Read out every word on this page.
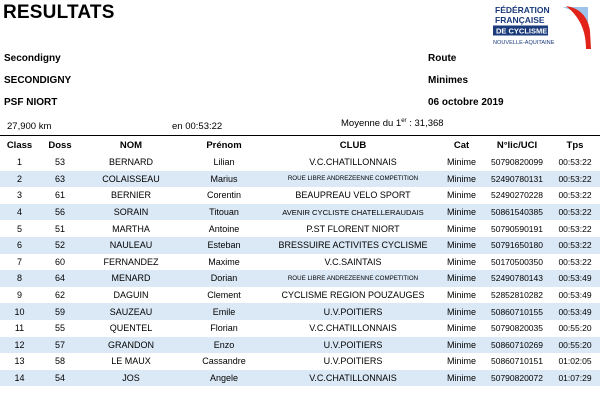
RESULTATS	FÉDÉRATION
FRANÇAISE
DE CYCLISME
NOUVELLE-AQUITAINE
Secondigny
SECONDIGNY
PSF NIORT
Route
Minimes
06 octobre 2019
27,900 km	en 00:53:22	Moyenne du 1er : 31,368
Class	Doss	NOM	Prénom	CLUB	Cat	N°lic/UCI	Tps
1	53	BERNARD	Lilian	V.C.CHATILLONNAIS	Minime	50790820099	00:53:22
2	63	COLAISSEAU	Marius	ROUE LIBRE ANDREZEENNE COMPETITION	Minime	52490780131	00:53:22
3	61	BERNIER	Corentin	BEAUPREAU VELO SPORT	Minime	52490270228	00:53:22
4	56	SORAIN	Titouan	AVENIR CYCLISTE CHATELLERAUDAIS	Minime	50861540385	00:53:22
5	51	MARTHA	Antoine	P.ST FLORENT NIORT	Minime	50790590191	00:53:22
6	52	NAULEAU	Esteban	BRESSUIRE ACTIVITES CYCLISME	Minime	50791650180	00:53:22
7	60	FERNANDEZ	Maxime	V.C.SAINTAIS	Minime	50170500350	00:53:22
8	64	MENARD	Dorian	ROUE LIBRE ANDREZEENNE COMPETITION	Minime	52490780143	00:53:49
9	62	DAGUIN	Clement	CYCLISME REGION POUZAUGES	Minime	52852810282	00:53:49
10	59	SAUZEAU	Emile	U.V.POITIERS	Minime	50860710155	00:53:49
11	55	QUENTEL	Florian	V.C.CHATILLONNAIS	Minime	50790820035	00:55:20
12	57	GRANDON	Enzo	U.V.POITIERS	Minime	50860710269	00:55:20
13	58	LE MAUX	Cassandre	U.V.POITIERS	Minime	50860710151	01:02:05
14	54	JOS	Angele	V.C.CHATILLONNAIS	Minime	50790820072	01:07:29
